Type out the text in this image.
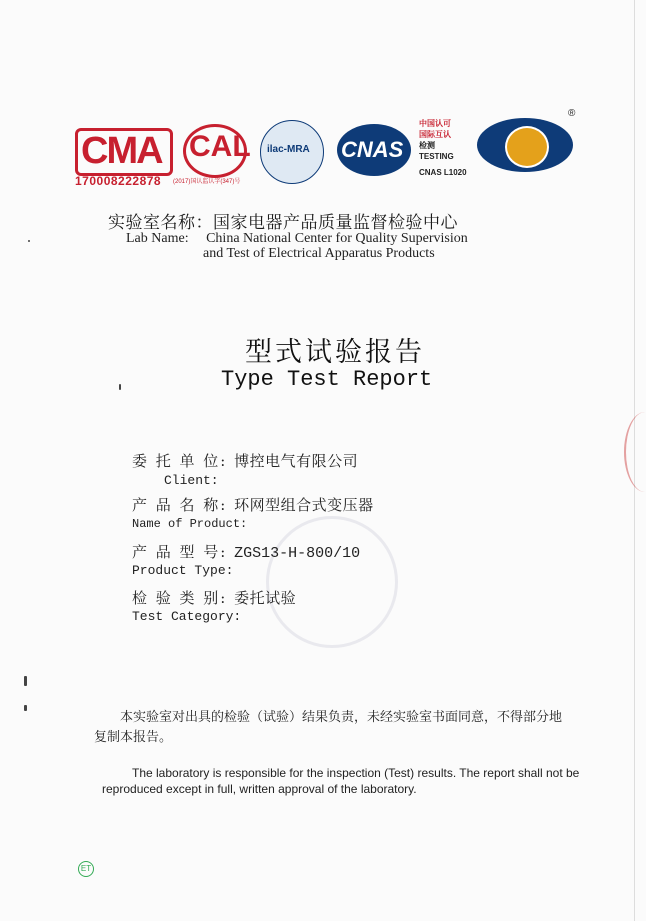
CMA
170008222878 (2017)国认监认字(347)号
CAL ilac-MRA CNAS
中国认可
国际互认
检测
TESTING
CNAS L1020
®
实验室名称：国家电器产品质量监督检验中心
Lab Name: China National Center for Quality Supervision
and Test of Electrical Apparatus Products
型式试验报告
Type Test Report
委 托 单 位: 博控电气有限公司
Client:
产 品 名 称: 环网型组合式变压器
Name of Product:
产 品 型 号: ZGS13-H-800/10
Product Type:
检 验 类 别: 委托试验
Test Category:
本实验室对出具的检验（试验）结果负责，未经实验室书面同意，不得部分地复制本报告。
The laboratory is responsible for the inspection (Test) results. The report shall not be reproduced except in full, written approval of the laboratory.
ET
